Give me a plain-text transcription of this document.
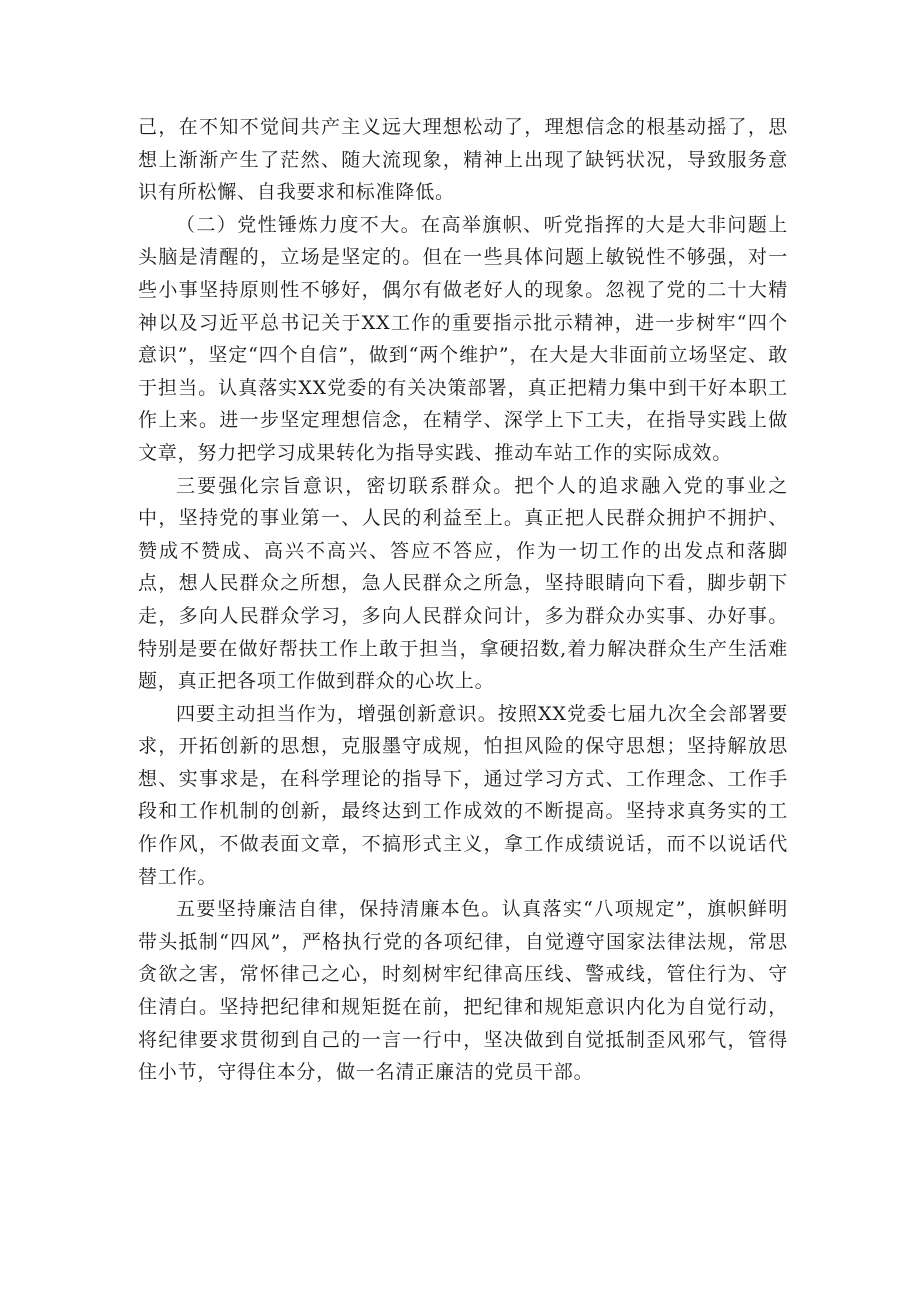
己，在不知不觉间共产主义远大理想松动了，理想信念的根基动摇了，思想上渐渐产生了茫然、随大流现象，精神上出现了缺钙状况，导致服务意识有所松懈、自我要求和标准降低。

（二）党性锤炼力度不大。在高举旗帜、听党指挥的大是大非问题上头脑是清醒的，立场是坚定的。但在一些具体问题上敏锐性不够强，对一些小事坚持原则性不够好，偶尔有做老好人的现象。忽视了党的二十大精神以及习近平总书记关于XX工作的重要指示批示精神，进一步树牢“四个意识”，坚定“四个自信”，做到“两个维护”，在大是大非面前立场坚定、敢于担当。认真落实XX党委的有关决策部署，真正把精力集中到干好本职工作上来。进一步坚定理想信念，在精学、深学上下工夫，在指导实践上做文章，努力把学习成果转化为指导实践、推动车站工作的实际成效。

三要强化宗旨意识，密切联系群众。把个人的追求融入党的事业之中，坚持党的事业第一、人民的利益至上。真正把人民群众拥护不拥护、赞成不赞成、高兴不高兴、答应不答应，作为一切工作的出发点和落脚点，想人民群众之所想，急人民群众之所急，坚持眼睛向下看，脚步朝下走，多向人民群众学习，多向人民群众问计，多为群众办实事、办好事。特别是要在做好帮扶工作上敢于担当，拿硬招数,着力解决群众生产生活难题，真正把各项工作做到群众的心坎上。

四要主动担当作为，增强创新意识。按照XX党委七届九次全会部署要求，开拓创新的思想，克服墨守成规，怕担风险的保守思想；坚持解放思想、实事求是，在科学理论的指导下，通过学习方式、工作理念、工作手段和工作机制的创新，最终达到工作成效的不断提高。坚持求真务实的工作作风，不做表面文章，不搞形式主义，拿工作成绩说话，而不以说话代替工作。

五要坚持廉洁自律，保持清廉本色。认真落实“八项规定”，旗帜鲜明带头抵制“四风”，严格执行党的各项纪律，自觉遵守国家法律法规，常思贪欲之害，常怀律己之心，时刻树牢纪律高压线、警戒线，管住行为、守住清白。坚持把纪律和规矩挺在前，把纪律和规矩意识内化为自觉行动，将纪律要求贯彻到自己的一言一行中，坚决做到自觉抵制歪风邪气，管得住小节，守得住本分，做一名清正廉洁的党员干部。
